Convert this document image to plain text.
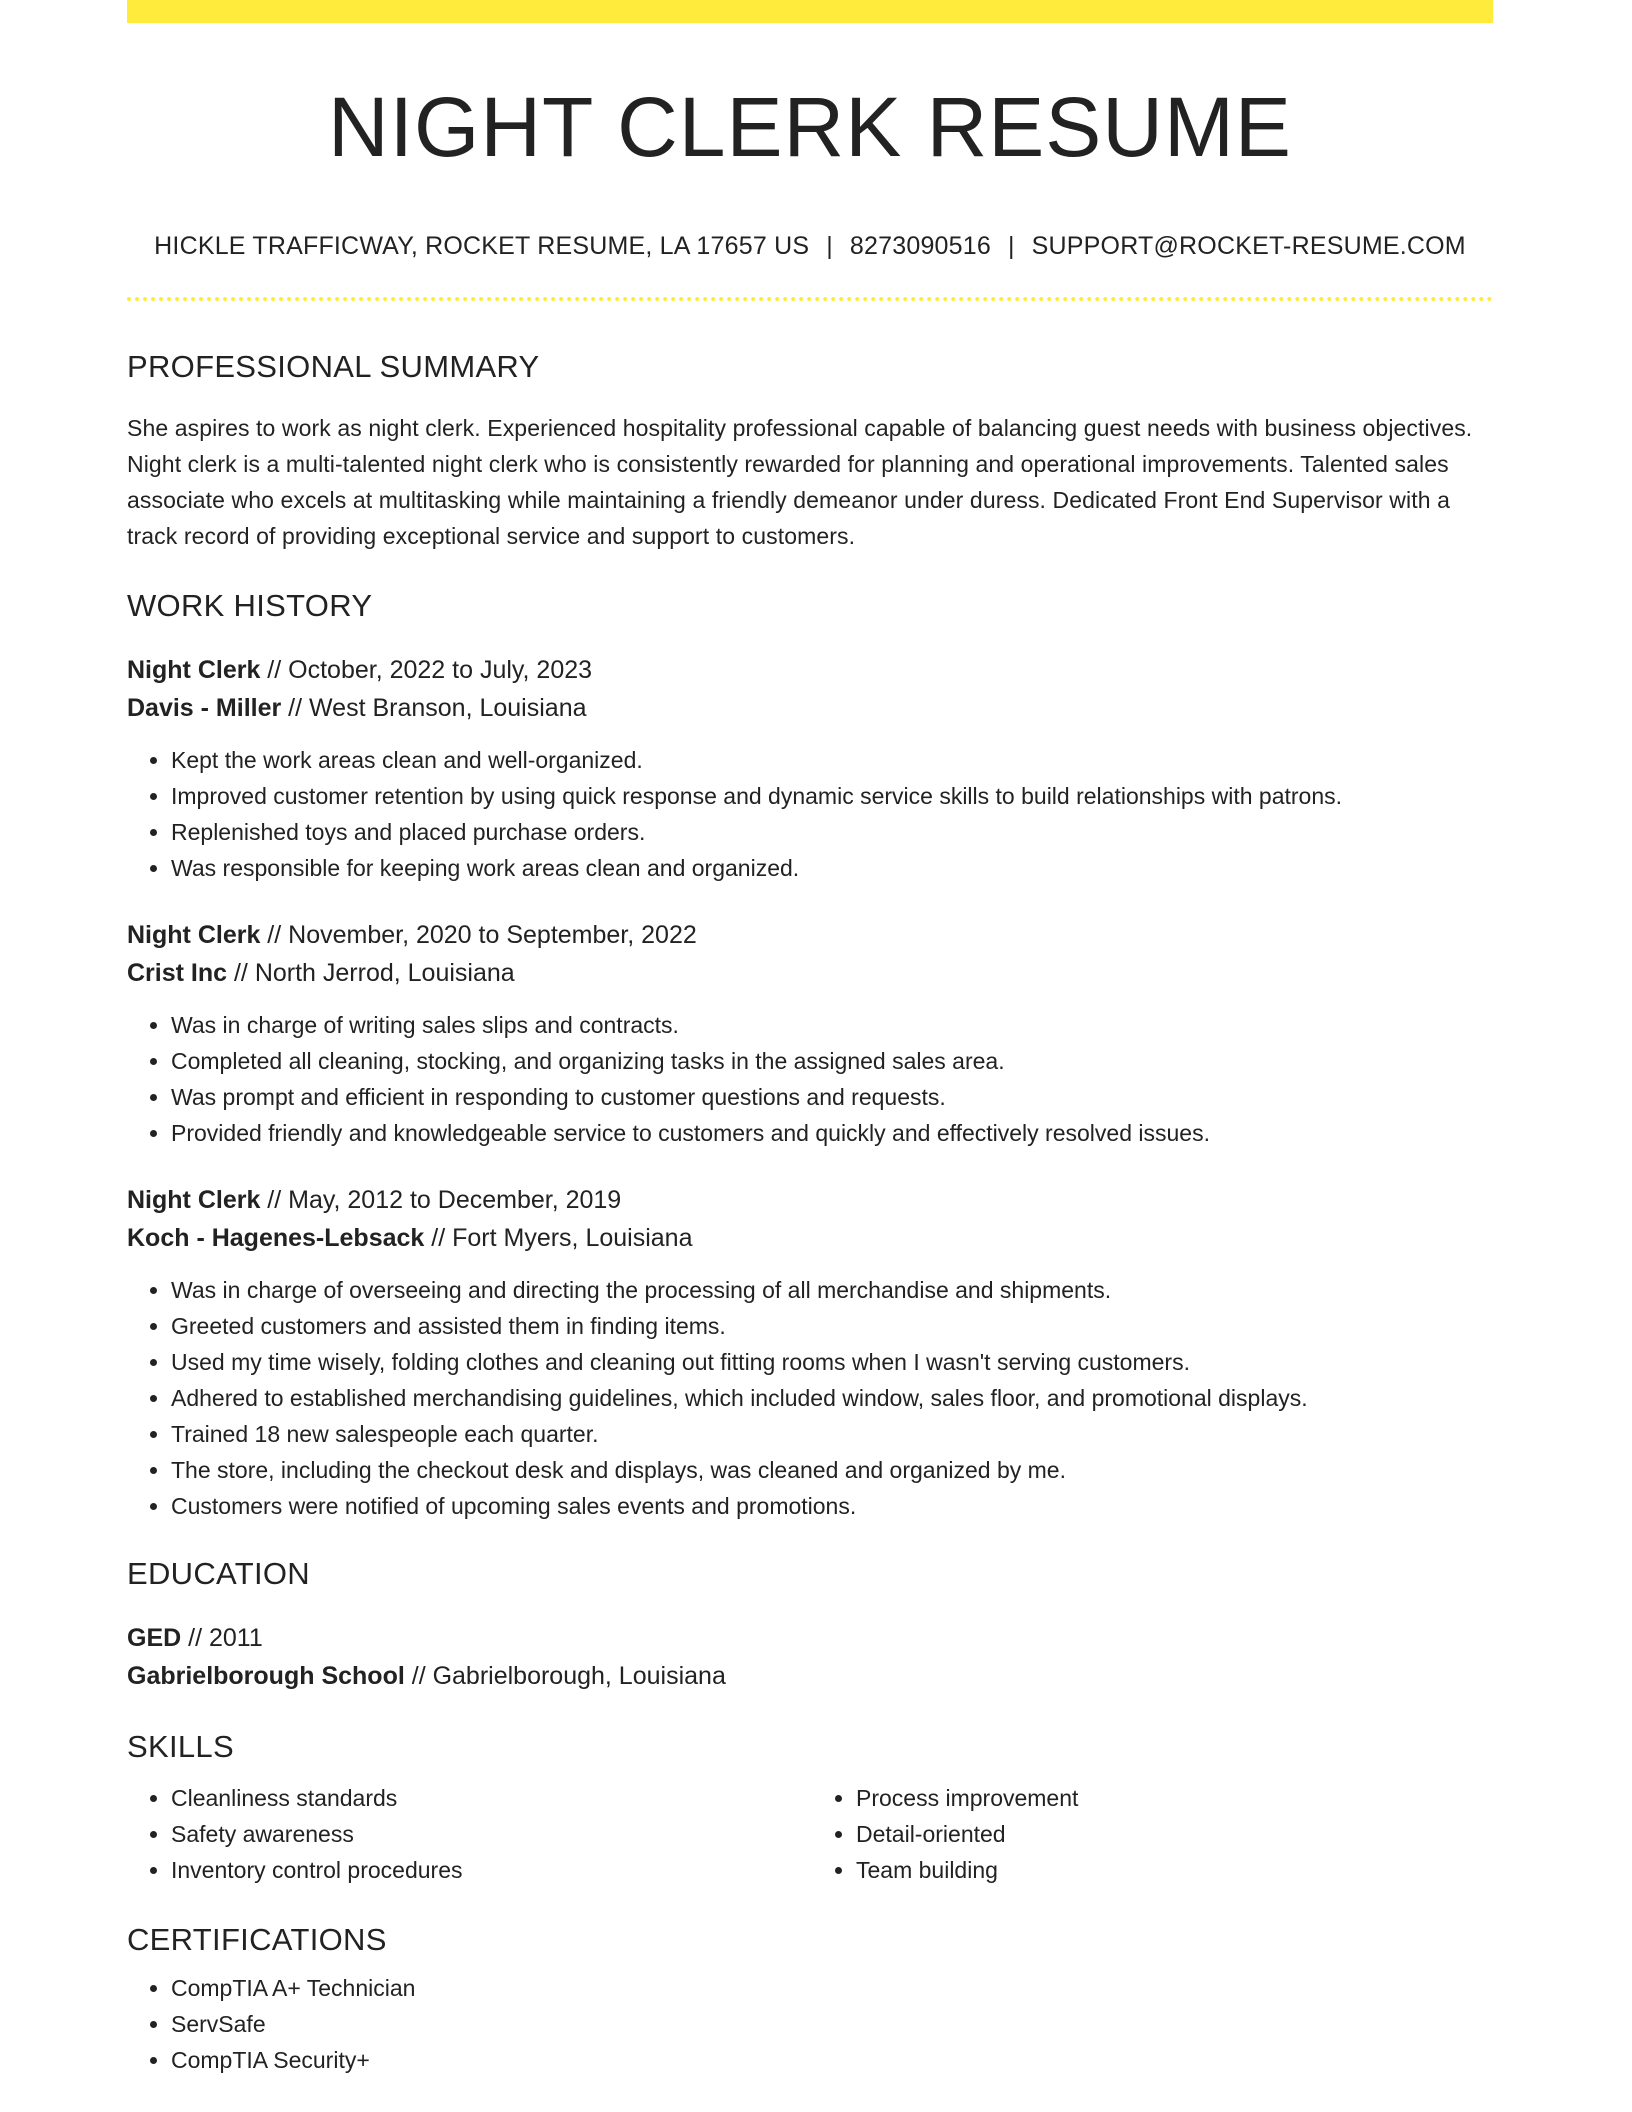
NIGHT CLERK RESUME
HICKLE TRAFFICWAY, ROCKET RESUME, LA 17657 US | 8273090516 | SUPPORT@ROCKET-RESUME.COM
PROFESSIONAL SUMMARY

She aspires to work as night clerk. Experienced hospitality professional capable of balancing guest needs with business objectives. Night clerk is a multi-talented night clerk who is consistently rewarded for planning and operational improvements. Talented sales associate who excels at multitasking while maintaining a friendly demeanor under duress. Dedicated Front End Supervisor with a track record of providing exceptional service and support to customers.

WORK HISTORY
Night Clerk // October, 2022 to July, 2023
Davis - Miller // West Branson, Louisiana
• Kept the work areas clean and well-organized.
• Improved customer retention by using quick response and dynamic service skills to build relationships with patrons.
• Replenished toys and placed purchase orders.
• Was responsible for keeping work areas clean and organized.
Night Clerk // November, 2020 to September, 2022
Crist Inc // North Jerrod, Louisiana
• Was in charge of writing sales slips and contracts.
• Completed all cleaning, stocking, and organizing tasks in the assigned sales area.
• Was prompt and efficient in responding to customer questions and requests.
• Provided friendly and knowledgeable service to customers and quickly and effectively resolved issues.
Night Clerk // May, 2012 to December, 2019
Koch - Hagenes-Lebsack // Fort Myers, Louisiana
• Was in charge of overseeing and directing the processing of all merchandise and shipments.
• Greeted customers and assisted them in finding items.
• Used my time wisely, folding clothes and cleaning out fitting rooms when I wasn't serving customers.
• Adhered to established merchandising guidelines, which included window, sales floor, and promotional displays.
• Trained 18 new salespeople each quarter.
• The store, including the checkout desk and displays, was cleaned and organized by me.
• Customers were notified of upcoming sales events and promotions.
EDUCATION
GED // 2011
Gabrielborough School // Gabrielborough, Louisiana
SKILLS
• Cleanliness standards
• Safety awareness
• Inventory control procedures
• Process improvement
• Detail-oriented
• Team building
CERTIFICATIONS
• CompTIA A+ Technician
• ServSafe
• CompTIA Security+
